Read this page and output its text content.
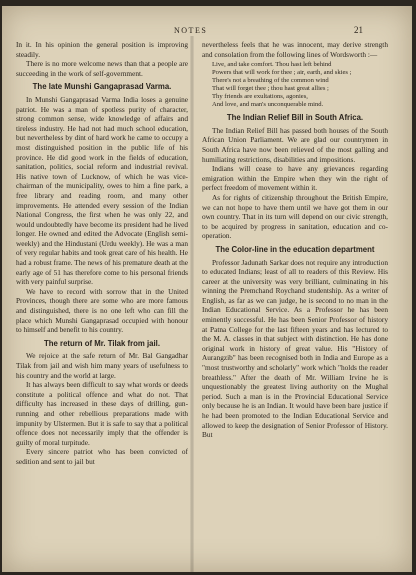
NOTES	21

In it. In his opinion the general position is improving steadily.

There is no more welcome news than that a people are succeeding in the work of self-government.

The late Munshi Gangaprasad Varma.

In Munshi Gangaprasad Varma India loses a genuine patriot. He was a man of spotless purity of character, strong common sense, wide knowledge of affairs and tireless industry. He had not had much school education, but nevertheless by dint of hard work he came to occupy a most distinguished position in the public life of his province. He did good work in the fields of education, sanitation, politics, social reform and industrial revival. His native town of Lucknow, of which he was vice-chairman of the municipality, owes to him a fine park, a free library and reading room, and many other improvements. He attended every session of the Indian National Congress, the first when he was only 22, and would undoubtedly have become its president had he lived longer. He owned and edited the Advocate (English semi-weekly) and the Hindustani (Urdu weekly). He was a man of very regular habits and took great care of his health. He had a robust frame. The news of his premature death at the early age of 51 has therefore come to his personal friends with very painful surprise.

We have to record with sorrow that in the United Provinces, though there are some who are more famous and distinguished, there is no one left who can fill the place which Munshi Gangaprasad occupied with honour to himself and benefit to his country.

The return of Mr. Tilak from jail.

We rejoice at the safe return of Mr. Bal Gangadhar Tilak from jail and wish him many years of usefulness to his country and the world at large.

It has always been difficult to say what words or deeds constitute a political offence and what do not. That difficulty has increased in these days of drilling, gun-running and other rebellious preparations made with impunity by Ulstermen. But it is safe to say that a political offence does not necessarily imply that the offender is guilty of moral turpitude.

Every sincere patriot who has been convicted of sedition and sent to jail but

nevertheless feels that he was innocent, may derive strength and consolation from the following lines of Wordsworth :—

Live, and take comfort. Thou hast left behind
Powers that will work for thee ; air, earth, and skies ;
There's not a breathing of the common wind
That will forget thee ; thou hast great allies ;
Thy friends are exultations, agonies,
And love, and man's unconquerable mind.
The Indian Relief Bill in South Africa.

The Indian Relief Bill has passed both houses of the South African Union Parliament. We are glad our countrymen in South Africa have now been relieved of the most galling and humiliating restrictions, disabilities and impositions.

Indians will cease to have any grievances regarding emigration within the Empire when they win the right of perfect freedom of movement within it.

As for rights of citizenship throughout the British Empire, we can not hope to have them until we have got them in our own country. That in its turn will depend on our civic strength, to be acquired by progress in sanitation, education and co-operation.

The Color-line in the education department

Professor Jadunath Sarkar does not require any introduction to educated Indians; least of all to readers of this Review. His career at the university was very brilliant, culminating in his winning the Premchand Roychand studentship. As a writer of English, as far as we can judge, he is second to no man in the Indian Educational Service. As a Professor he has been eminently successful. He has been Senior Professor of history at Patna College for the last fifteen years and has lectured to the M. A. classes in that subject with distinction. He has done original work in history of great value. His "History of Aurangzib" has been recognised both in India and Europe as a "most trustworthy and scholarly" work which "holds the reader breathless." After the death of Mr. William Irvine he is unquestionably the greatest living authority on the Mughal period. Such a man is in the Provincial Educational Service only because he is an Indian. It would have been bare justice if he had been promoted to the Indian Educational Service and allowed to keep the designation of Senior Professor of History. But
